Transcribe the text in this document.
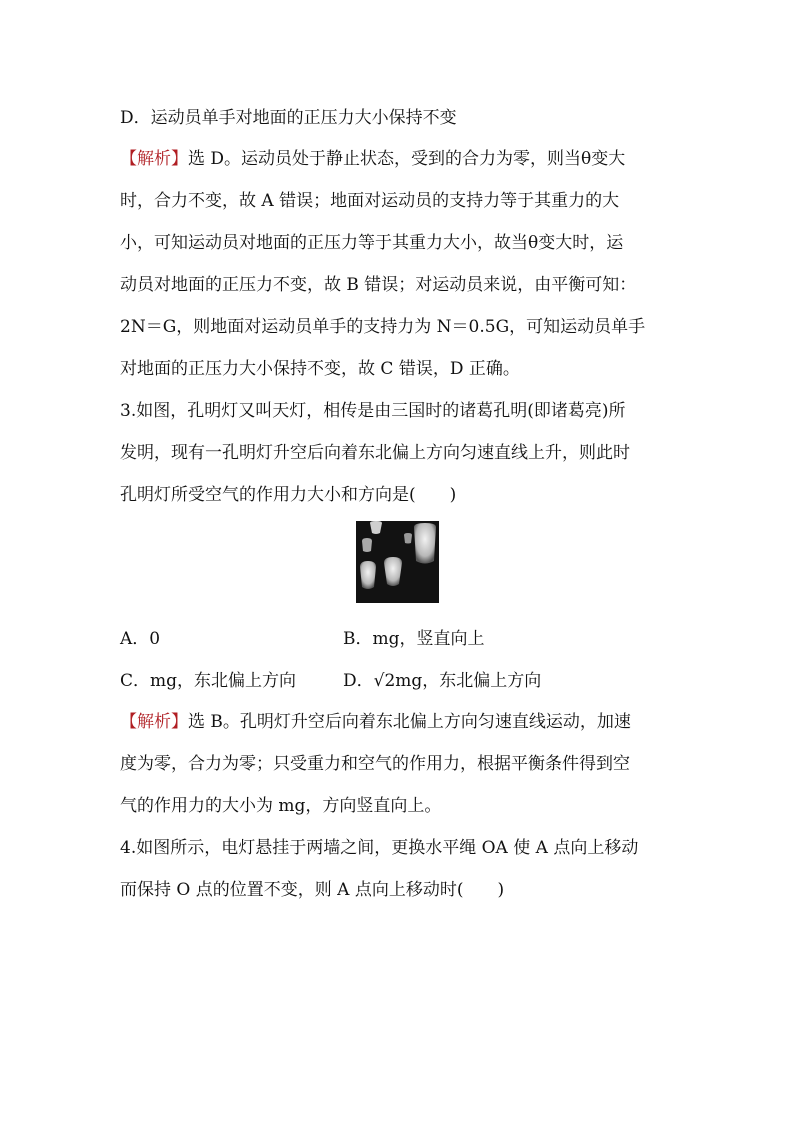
D．运动员单手对地面的正压力大小保持不变
【解析】选 D。运动员处于静止状态，受到的合力为零，则当θ变大
时，合力不变，故 A 错误；地面对运动员的支持力等于其重力的大
小，可知运动员对地面的正压力等于其重力大小，故当θ变大时，运
动员对地面的正压力不变，故 B 错误；对运动员来说，由平衡可知：
2N＝G，则地面对运动员单手的支持力为 N＝0.5G，可知运动员单手
对地面的正压力大小保持不变，故 C 错误，D 正确。
3.如图，孔明灯又叫天灯，相传是由三国时的诸葛孔明(即诸葛亮)所
发明，现有一孔明灯升空后向着东北偏上方向匀速直线上升，则此时
孔明灯所受空气的作用力大小和方向是(　　)
A．0	B．mg，竖直向上
C．mg，东北偏上方向	D．√2mg，东北偏上方向
【解析】选 B。孔明灯升空后向着东北偏上方向匀速直线运动，加速
度为零，合力为零；只受重力和空气的作用力，根据平衡条件得到空
气的作用力的大小为 mg，方向竖直向上。
4.如图所示，电灯悬挂于两墙之间，更换水平绳 OA 使 A 点向上移动
而保持 O 点的位置不变，则 A 点向上移动时(　　)
